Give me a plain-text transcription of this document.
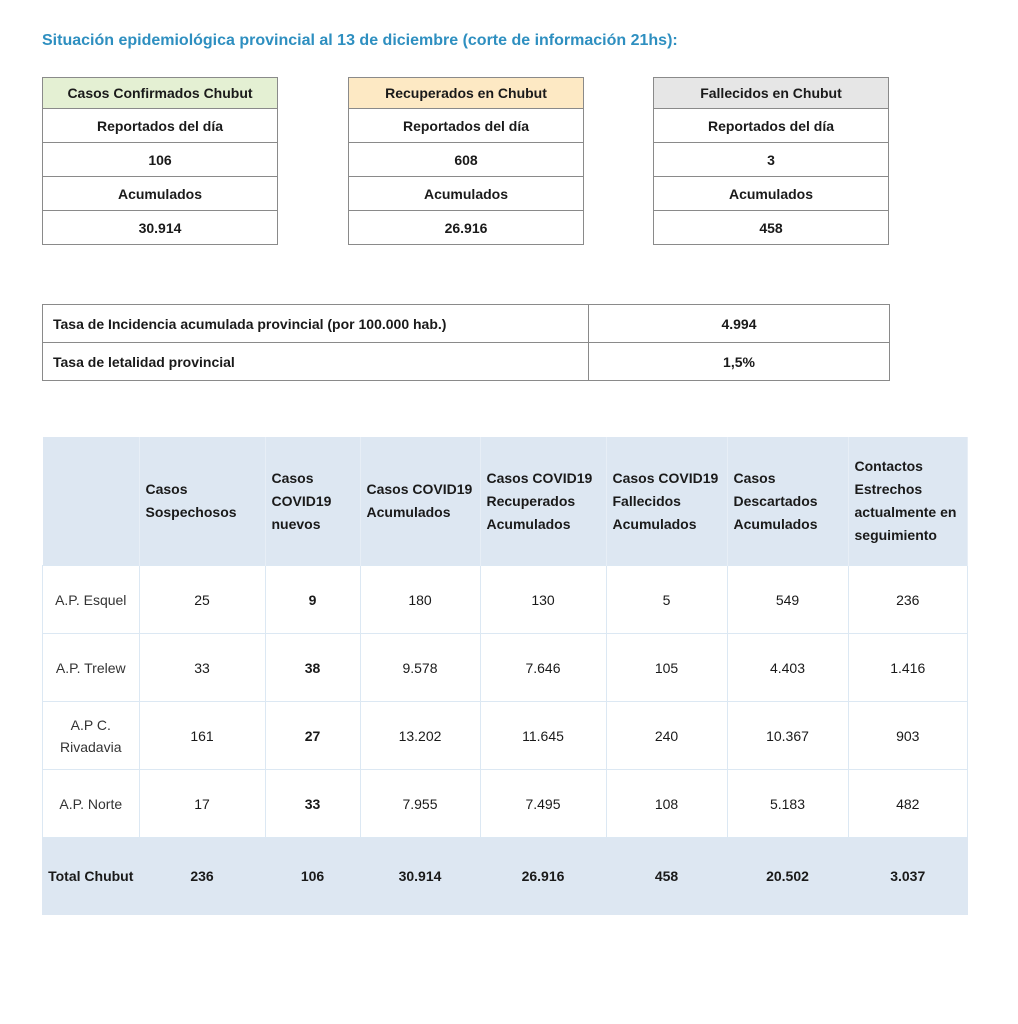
Situación epidemiológica provincial al 13 de diciembre (corte de información 21hs):
Casos Confirmados Chubut
Reportados del día
106
Acumulados
30.914
Recuperados en Chubut
Reportados del día
608
Acumulados
26.916
Fallecidos en Chubut
Reportados del día
3
Acumulados
458
Tasa de Incidencia acumulada provincial (por 100.000 hab.)	4.994
Tasa de letalidad provincial	1,5%
	Casos Sospechosos	Casos COVID19 nuevos	Casos COVID19 Acumulados	Casos COVID19 Recuperados Acumulados	Casos COVID19 Fallecidos Acumulados	Casos Descartados Acumulados	Contactos Estrechos actualmente en seguimiento
A.P. Esquel	25	9	180	130	5	549	236
A.P. Trelew	33	38	9.578	7.646	105	4.403	1.416
A.P C. Rivadavia	161	27	13.202	11.645	240	10.367	903
A.P. Norte	17	33	7.955	7.495	108	5.183	482
Total Chubut	236	106	30.914	26.916	458	20.502	3.037
